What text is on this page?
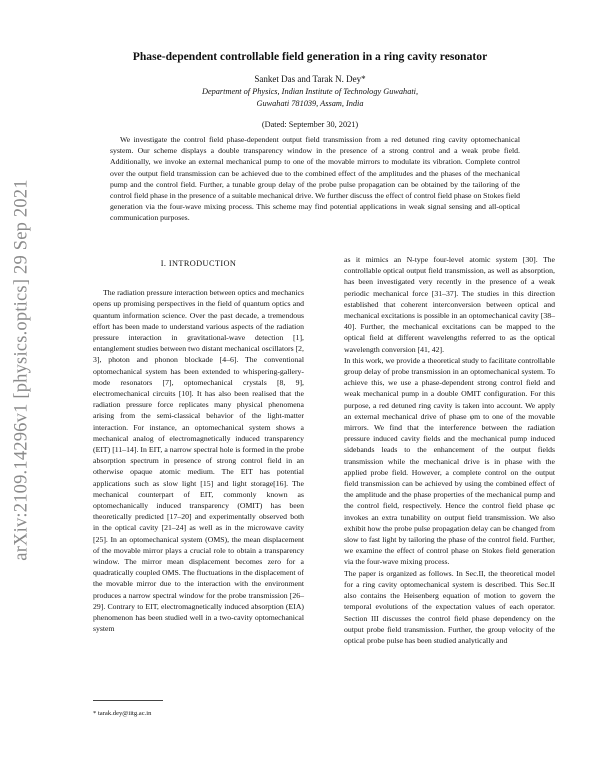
arXiv:2109.14296v1 [physics.optics] 29 Sep 2021
Phase-dependent controllable field generation in a ring cavity resonator
Sanket Das and Tarak N. Dey*
Department of Physics, Indian Institute of Technology Guwahati,
Guwahati 781039, Assam, India
(Dated: September 30, 2021)
We investigate the control field phase-dependent output field transmission from a red detuned ring cavity optomechanical system. Our scheme displays a double transparency window in the presence of a strong control and a weak probe field. Additionally, we invoke an external mechanical pump to one of the movable mirrors to modulate its vibration. Complete control over the output field transmission can be achieved due to the combined effect of the amplitudes and the phases of the mechanical pump and the control field. Further, a tunable group delay of the probe pulse propagation can be obtained by the tailoring of the control field phase in the presence of a suitable mechanical drive. We further discuss the effect of control field phase on Stokes field generation via the four-wave mixing process. This scheme may find potential applications in weak signal sensing and all-optical communication purposes.
I. INTRODUCTION

The radiation pressure interaction between optics and mechanics opens up promising perspectives in the field of quantum optics and quantum information science. Over the past decade, a tremendous effort has been made to understand various aspects of the radiation pressure interaction in gravitational-wave detection [1], entanglement studies between two distant mechanical oscillators [2, 3], photon and phonon blockade [4–6]. The conventional optomechanical system has been extended to whispering-gallery-mode resonators [7], optomechanical crystals [8, 9], electromechanical circuits [10]. It has also been realised that the radiation pressure force replicates many physical phenomena arising from the semi-classical behavior of the light-matter interaction. For instance, an optomechanical system shows a mechanical analog of electromagnetically induced transparency (EIT) [11–14]. In EIT, a narrow spectral hole is formed in the probe absorption spectrum in presence of strong control field in an otherwise opaque atomic medium. The EIT has potential applications such as slow light [15] and light storage[16]. The mechanical counterpart of EIT, commonly known as optomechanically induced transparency (OMIT) has been theoretically predicted [17–20] and experimentally observed both in the optical cavity [21–24] as well as in the microwave cavity [25]. In an optomechanical system (OMS), the mean displacement of the movable mirror plays a crucial role to obtain a transparency window. The mirror mean displacement becomes zero for a quadratically coupled OMS. The fluctuations in the displacement of the movable mirror due to the interaction with the environment produces a narrow spectral window for the probe transmission [26–29]. Contrary to EIT, electromagnetically induced absorption (EIA) phenomenon has been studied well in a two-cavity optomechanical system

as it mimics an N-type four-level atomic system [30]. The controllable optical output field transmission, as well as absorption, has been investigated very recently in the presence of a weak periodic mechanical force [31–37]. The studies in this direction established that coherent interconversion between optical and mechanical excitations is possible in an optomechanical cavity [38–40]. Further, the mechanical excitations can be mapped to the optical field at different wavelengths referred to as the optical wavelength conversion [41, 42].

In this work, we provide a theoretical study to facilitate controllable group delay of probe transmission in an optomechanical system. To achieve this, we use a phase-dependent strong control field and weak mechanical pump in a double OMIT configuration. For this purpose, a red detuned ring cavity is taken into account. We apply an external mechanical drive of phase φm to one of the movable mirrors. We find that the interference between the radiation pressure induced cavity fields and the mechanical pump induced sidebands leads to the enhancement of the output fields transmission while the mechanical drive is in phase with the applied probe field. However, a complete control on the output field transmission can be achieved by using the combined effect of the amplitude and the phase properties of the mechanical pump and the control field, respectively. Hence the control field phase φc invokes an extra tunability on output field transmission. We also exhibit how the probe pulse propagation delay can be changed from slow to fast light by tailoring the phase of the control field. Further, we examine the effect of control phase on Stokes field generation via the four-wave mixing process.

The paper is organized as follows. In Sec.II, the theoretical model for a ring cavity optomechanical system is described. This Sec.II also contains the Heisenberg equation of motion to govern the temporal evolutions of the expectation values of each operator. Section III discusses the control field phase dependency on the output probe field transmission. Further, the group velocity of the optical probe pulse has been studied analytically and

* tarak.dey@iitg.ac.in
